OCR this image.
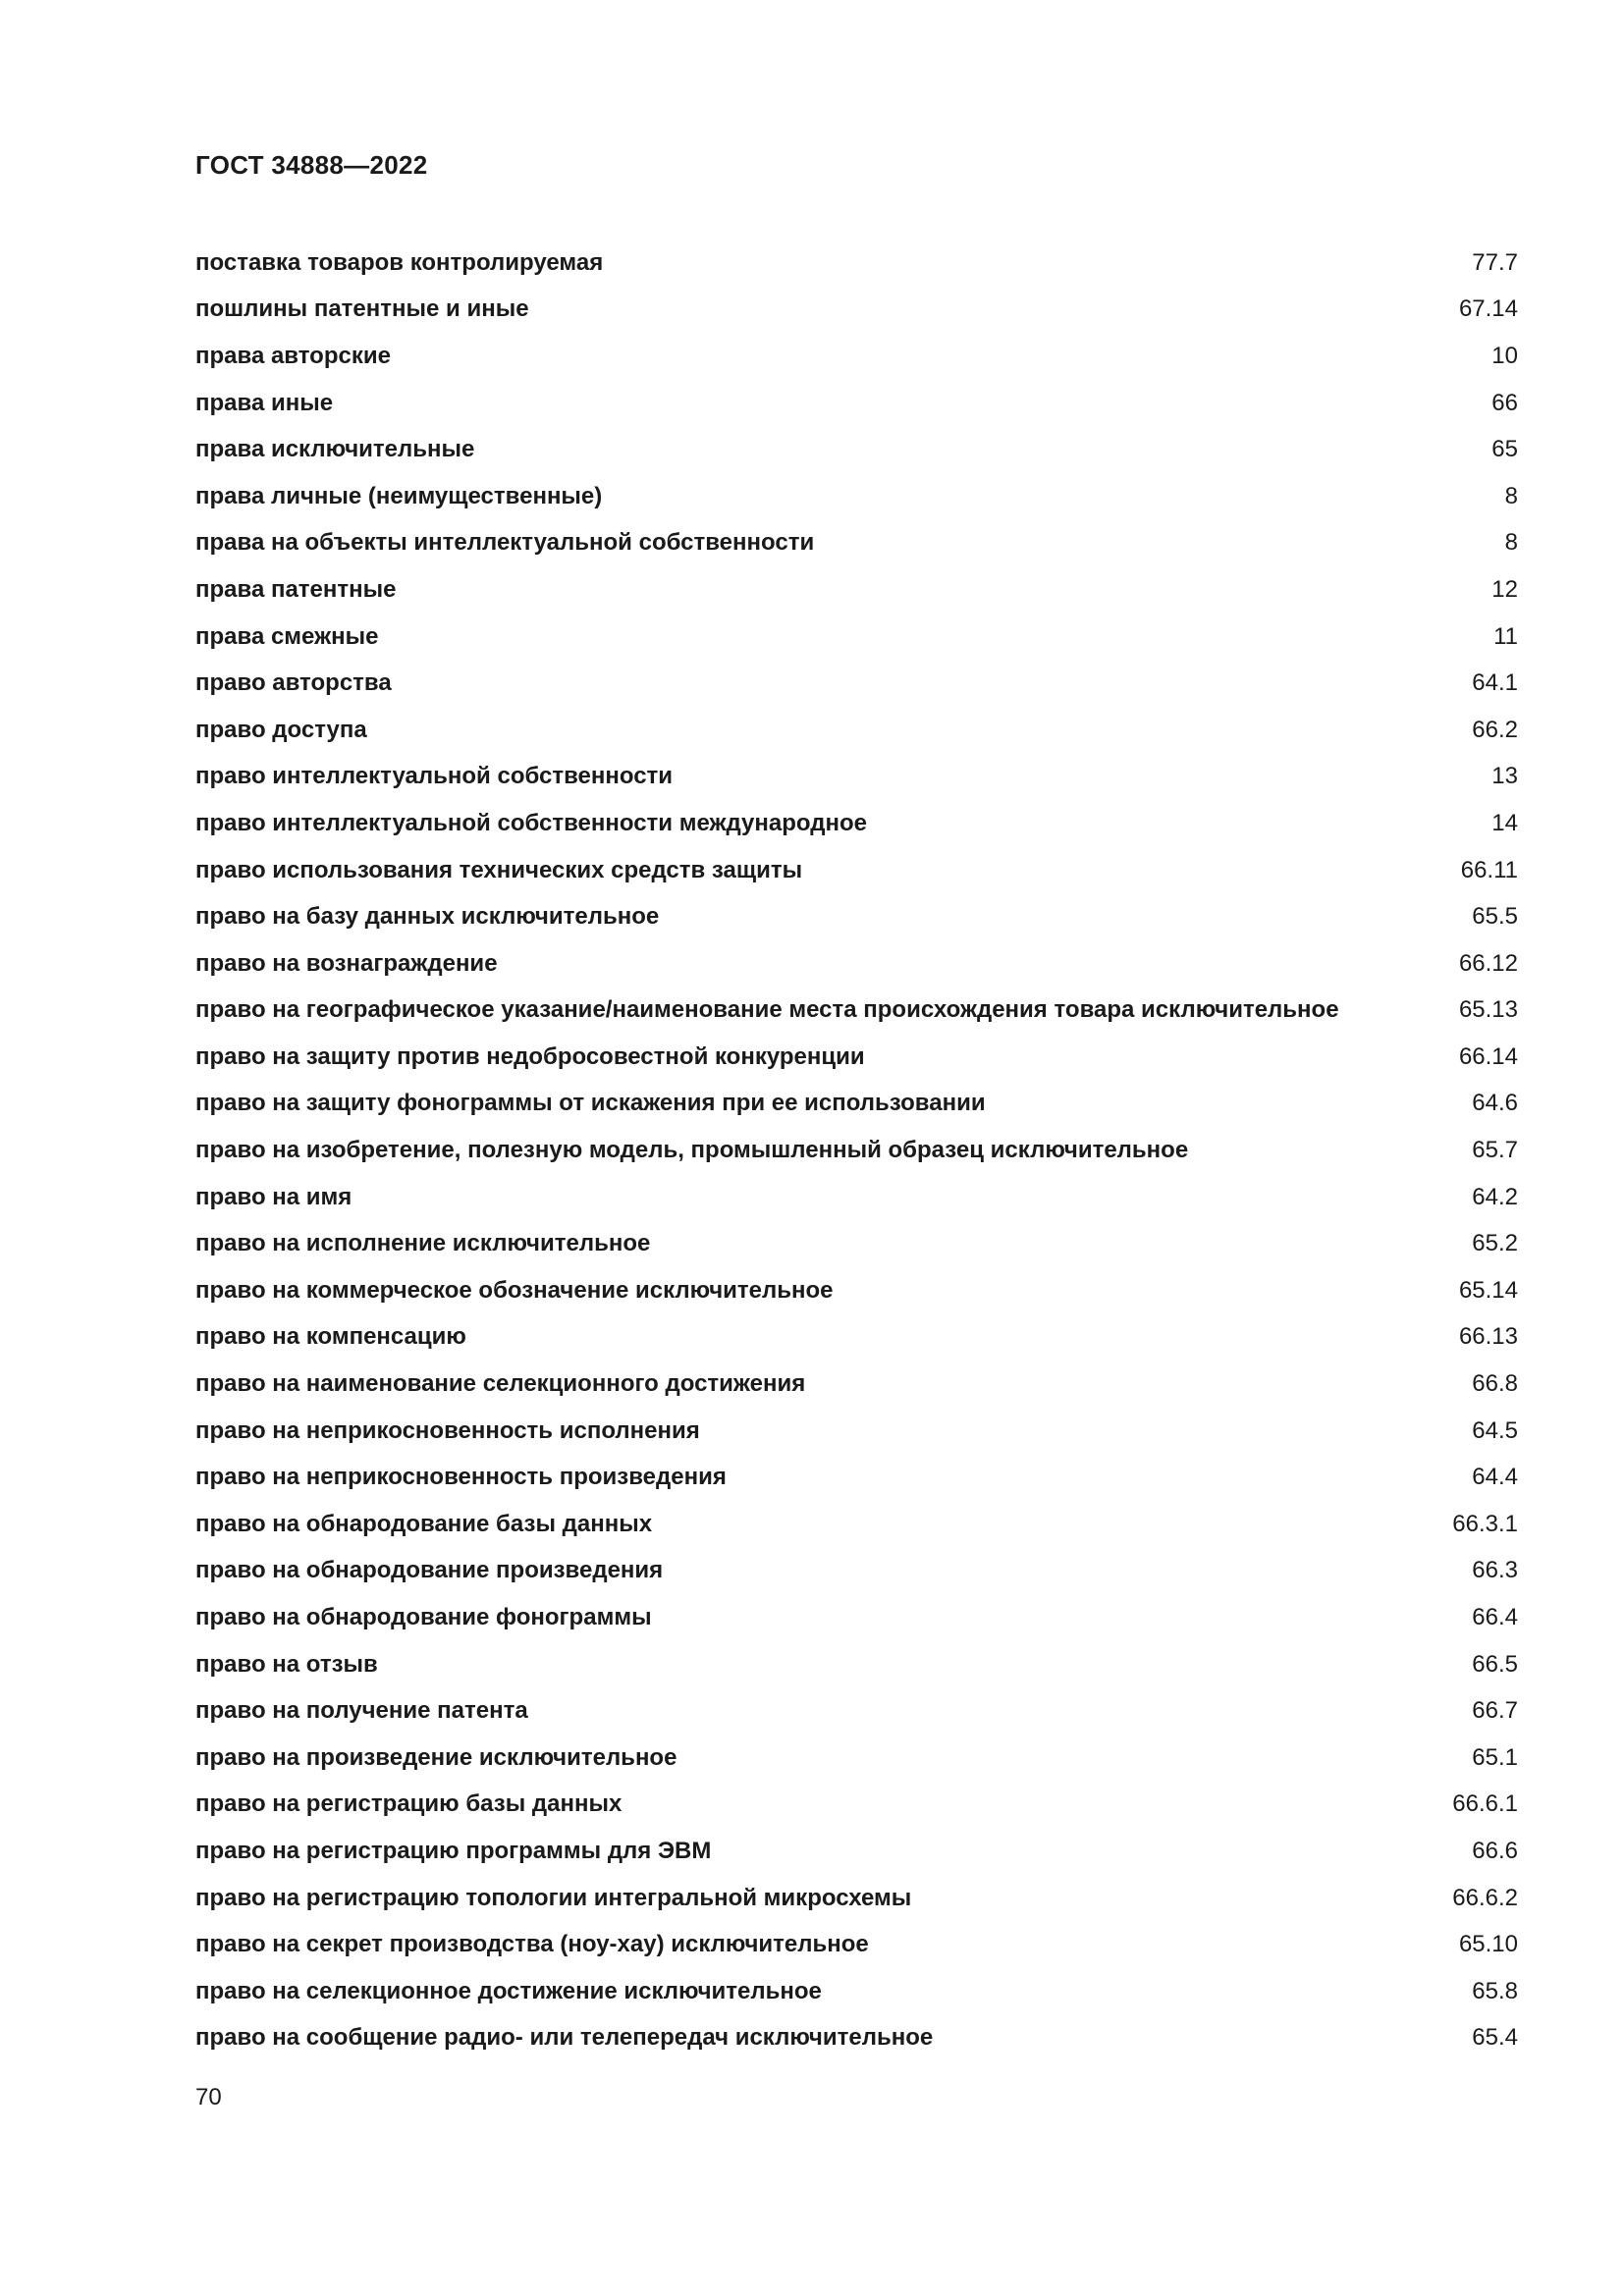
ГОСТ 34888—2022
поставка товаров контролируемая	77.7
пошлины патентные и иные	67.14
права авторские	10
права иные	66
права исключительные	65
права личные (неимущественные)	8
права на объекты интеллектуальной собственности	8
права патентные	12
права смежные	11
право авторства	64.1
право доступа	66.2
право интеллектуальной собственности	13
право интеллектуальной собственности международное	14
право использования технических средств защиты	66.11
право на базу данных исключительное	65.5
право на вознаграждение	66.12
право на географическое указание/наименование места происхождения товара исключительное	65.13
право на защиту против недобросовестной конкуренции	66.14
право на защиту фонограммы от искажения при ее использовании	64.6
право на изобретение, полезную модель, промышленный образец исключительное	65.7
право на имя	64.2
право на исполнение исключительное	65.2
право на коммерческое обозначение исключительное	65.14
право на компенсацию	66.13
право на наименование селекционного достижения	66.8
право на неприкосновенность исполнения	64.5
право на неприкосновенность произведения	64.4
право на обнародование базы данных	66.3.1
право на обнародование произведения	66.3
право на обнародование фонограммы	66.4
право на отзыв	66.5
право на получение патента	66.7
право на произведение исключительное	65.1
право на регистрацию базы данных	66.6.1
право на регистрацию программы для ЭВМ	66.6
право на регистрацию топологии интегральной микросхемы	66.6.2
право на секрет производства (ноу-хау) исключительное	65.10
право на селекционное достижение исключительное	65.8
право на сообщение радио- или телепередач исключительное	65.4
70
